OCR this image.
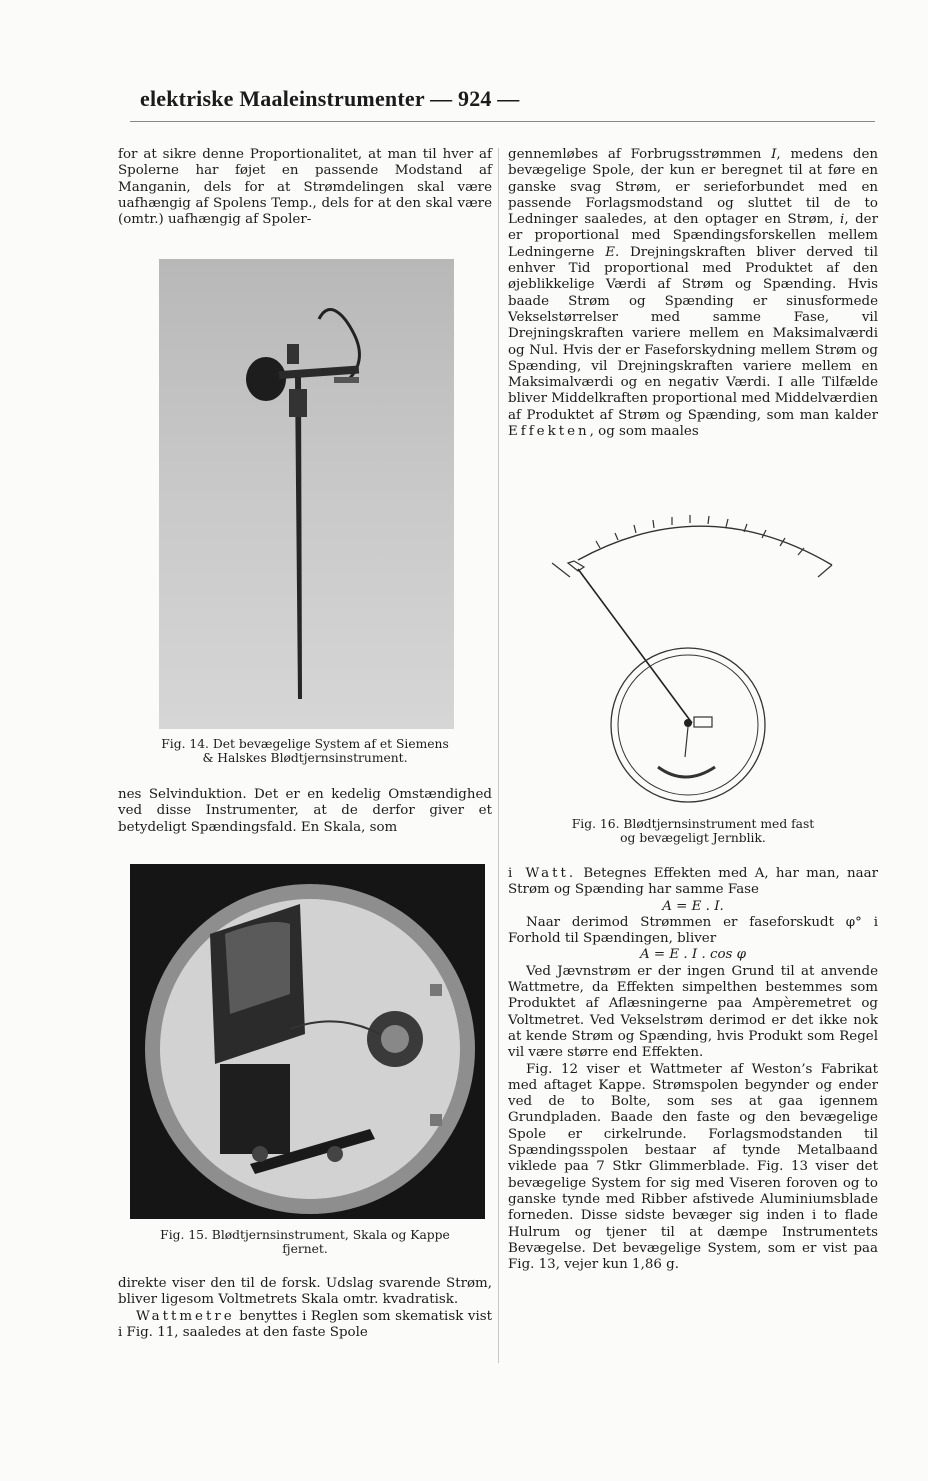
elektriske Maaleinstrumenter — 924 —

for at sikre denne Proportionalitet, at man til hver af Spolerne har føjet en passende Modstand af Manganin, dels for at Strømdelingen skal være uafhængig af Spolens Temp., dels for at den skal være (omtr.) uafhængig af Spoler-

Fig. 14. Det bevægelige System af et Siemens
& Halskes Blødtjernsinstrument.

nes Selvinduktion. Det er en kedelig Omstændighed ved disse Instrumenter, at de derfor giver et betydeligt Spændingsfald. En Skala, som

Fig. 15. Blødtjernsinstrument, Skala og Kappe
fjernet.

direkte viser den til de forsk. Udslag svarende Strøm, bliver ligesom Voltmetrets Skala omtr. kvadratisk.

Wattmetre benyttes i Reglen som skematisk vist i Fig. 11, saaledes at den faste Spole

gennemløbes af Forbrugsstrømmen I, medens den bevægelige Spole, der kun er beregnet til at føre en ganske svag Strøm, er serieforbundet med en passende Forlagsmodstand og sluttet til de to Ledninger saaledes, at den optager en Strøm, i, der er proportional med Spændingsforskellen mellem Ledningerne E. Drejningskraften bliver derved til enhver Tid proportional med Produktet af den øjeblikkelige Værdi af Strøm og Spænding. Hvis baade Strøm og Spænding er sinusformede Vekselstørrelser med samme Fase, vil Drejningskraften variere mellem en Maksimalværdi og Nul. Hvis der er Faseforskydning mellem Strøm og Spænding, vil Drejningskraften variere mellem en Maksimalværdi og en negativ Værdi. I alle Tilfælde bliver Middelkraften proportional med Middelværdien af Produktet af Strøm og Spænding, som man kalder Effekten, og som maales

Fig. 16. Blødtjernsinstrument med fast
og bevægeligt Jernblik.

i Watt. Betegnes Effekten med A, har man, naar Strøm og Spænding har samme Fase

A = E . I.

Naar derimod Strømmen er faseforskudt φ° i Forhold til Spændingen, bliver

A = E . I . cos φ

Ved Jævnstrøm er der ingen Grund til at anvende Wattmetre, da Effekten simpelthen bestemmes som Produktet af Aflæsningerne paa Ampèremetret og Voltmetret. Ved Vekselstrøm derimod er det ikke nok at kende Strøm og Spænding, hvis Produkt som Regel vil være større end Effekten.

Fig. 12 viser et Wattmeter af Weston’s Fabrikat med aftaget Kappe. Strømspolen begynder og ender ved de to Bolte, som ses at gaa igennem Grundpladen. Baade den faste og den bevægelige Spole er cirkelrunde. Forlagsmodstanden til Spændingsspolen bestaar af tynde Metalbaand viklede paa 7 Stkr Glimmerblade. Fig. 13 viser det bevægelige System for sig med Viseren foroven og to ganske tynde med Ribber afstivede Aluminiumsblade forneden. Disse sidste bevæger sig inden i to flade Hulrum og tjener til at dæmpe Instrumentets Bevægelse. Det bevægelige System, som er vist paa Fig. 13, vejer kun 1,86 g.
